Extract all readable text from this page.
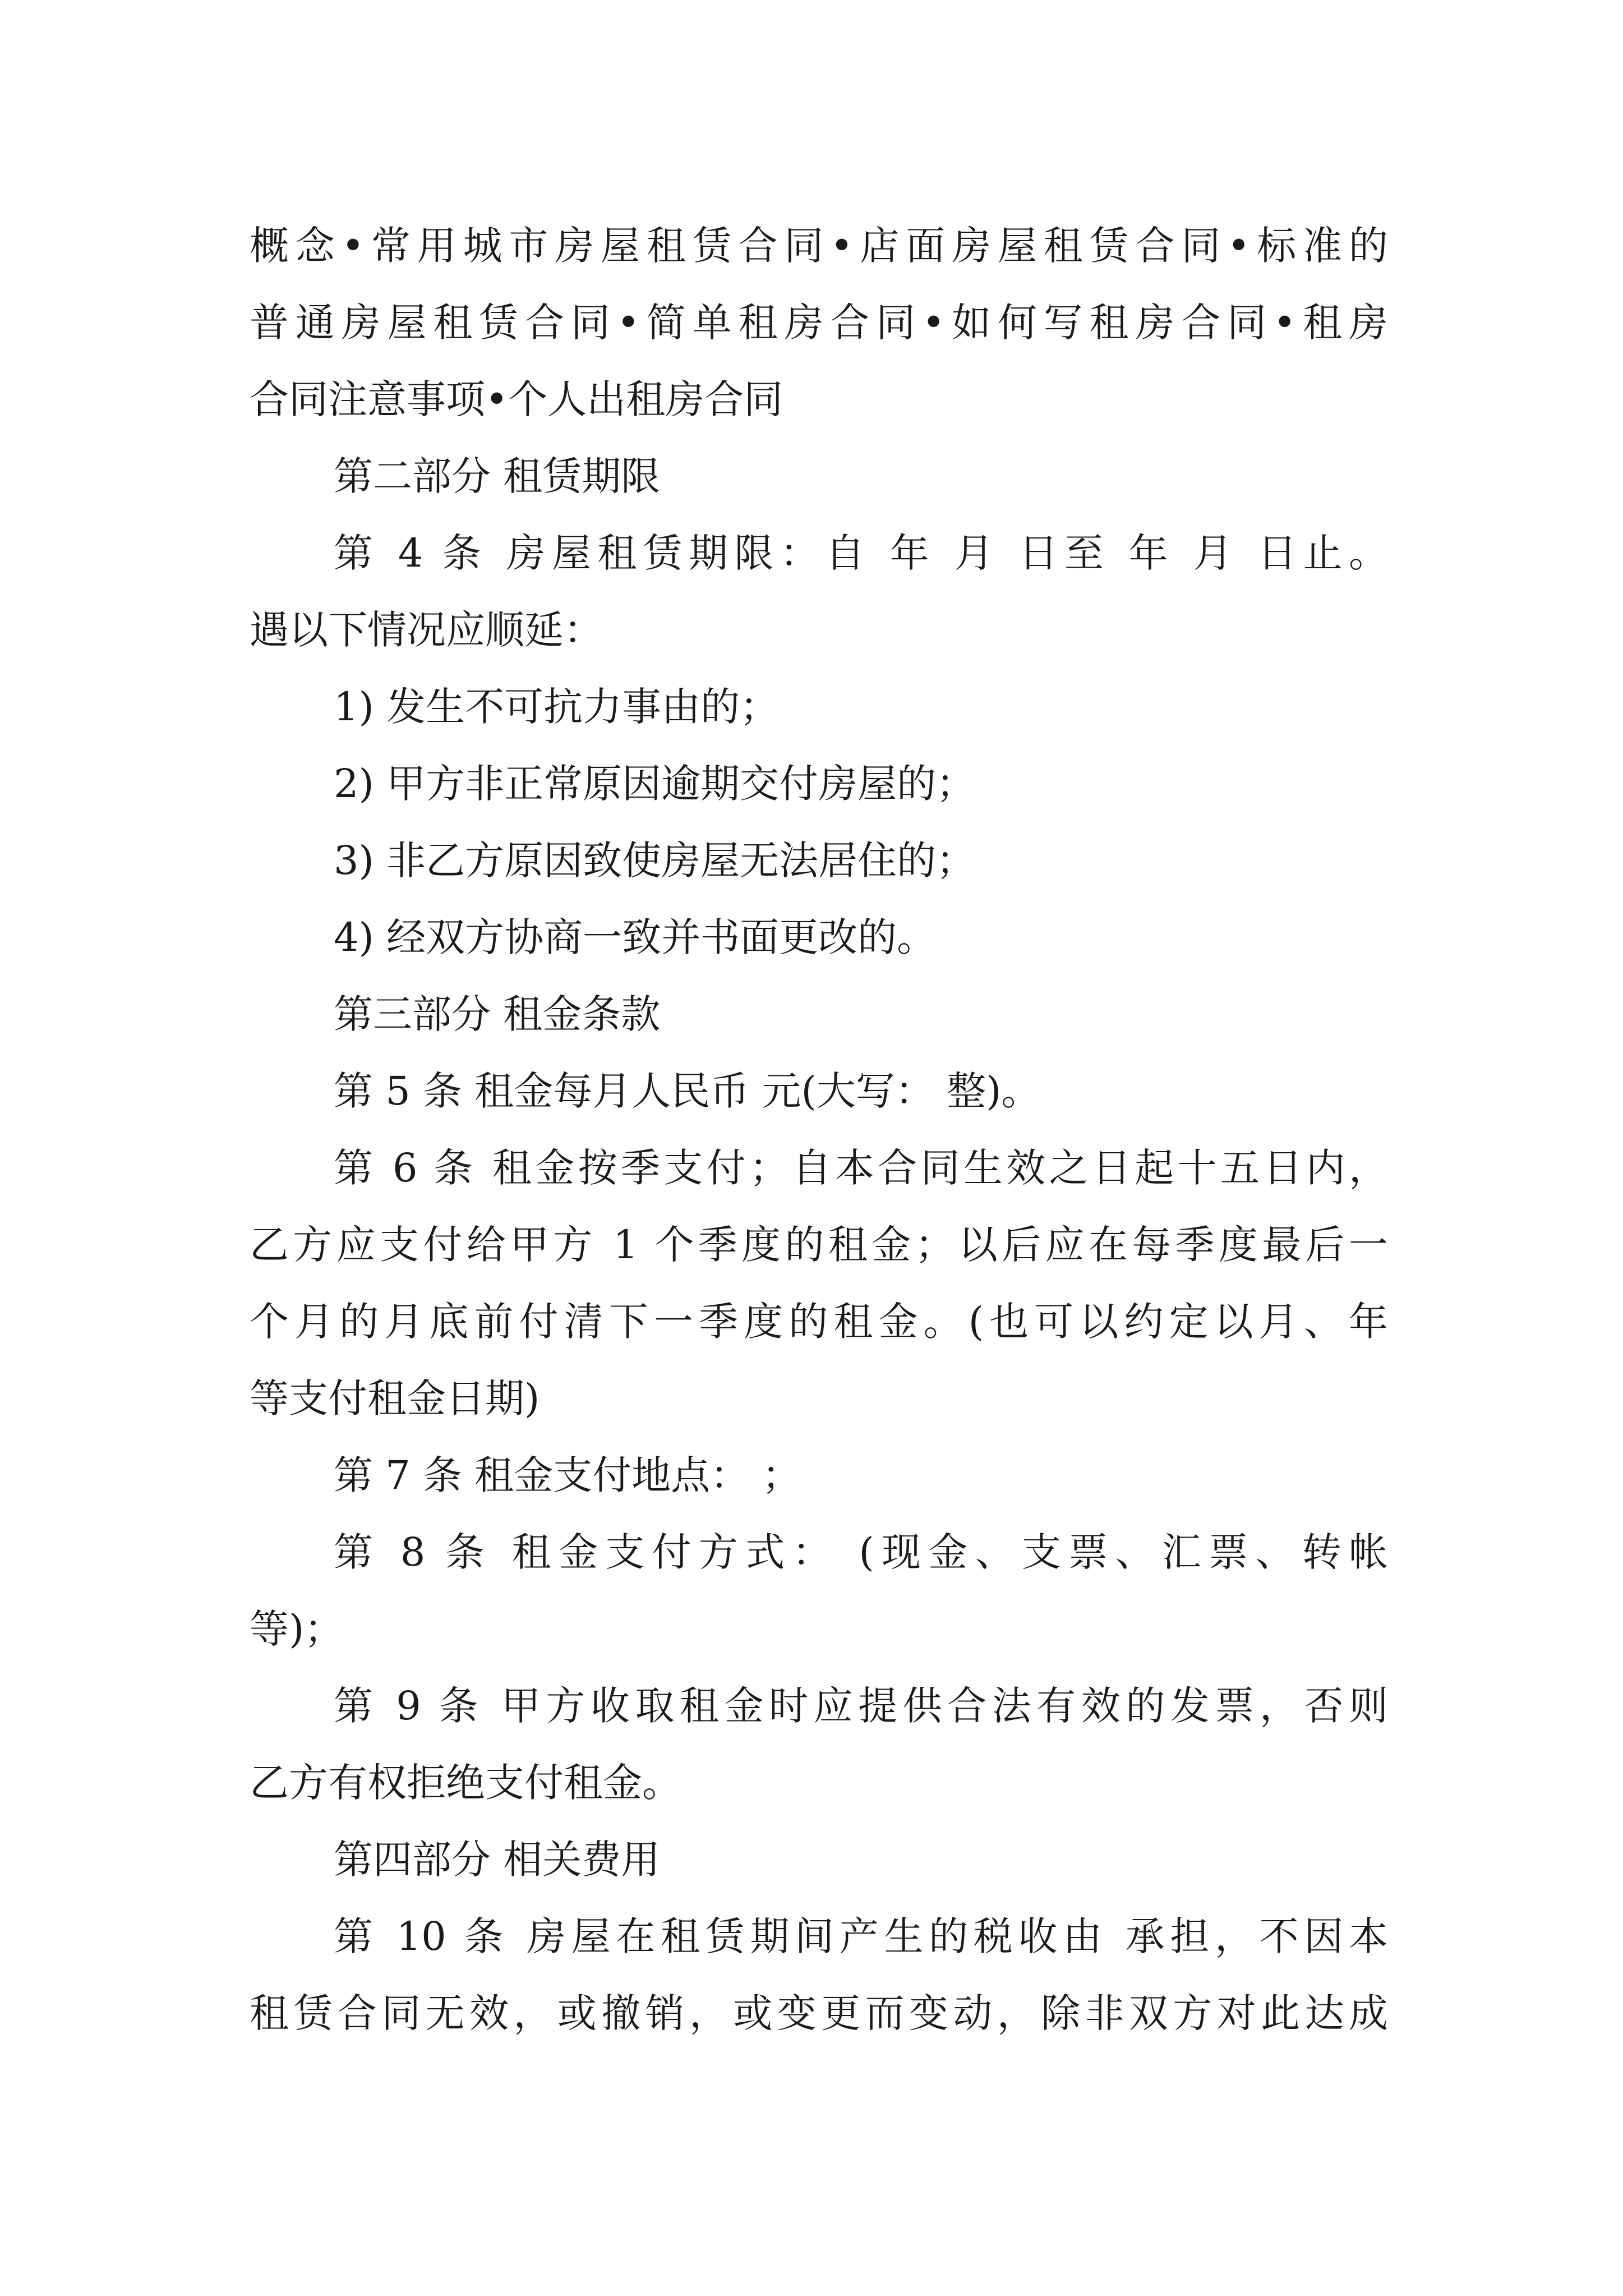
概念•常用城市房屋租赁合同•店面房屋租赁合同•标准的
普通房屋租赁合同•简单租房合同•如何写租房合同•租房
合同注意事项•个人出租房合同
第二部分 租赁期限
第 4 条 房屋租赁期限：自 年 月 日至 年 月 日止。
遇以下情况应顺延：
1) 发生不可抗力事由的；
2) 甲方非正常原因逾期交付房屋的；
3) 非乙方原因致使房屋无法居住的；
4) 经双方协商一致并书面更改的。
第三部分 租金条款
第 5 条 租金每月人民币 元(大写： 整)。
第 6 条 租金按季支付；自本合同生效之日起十五日内，
乙方应支付给甲方 1 个季度的租金；以后应在每季度最后一
个月的月底前付清下一季度的租金。(也可以约定以月、年
等支付租金日期)
第 7 条 租金支付地点： ；
第 8 条 租金支付方式： (现金、支票、汇票、转帐
等)；
第 9 条 甲方收取租金时应提供合法有效的发票，否则
乙方有权拒绝支付租金。
第四部分 相关费用
第 10 条 房屋在租赁期间产生的税收由 承担，不因本
租赁合同无效，或撤销，或变更而变动，除非双方对此达成
